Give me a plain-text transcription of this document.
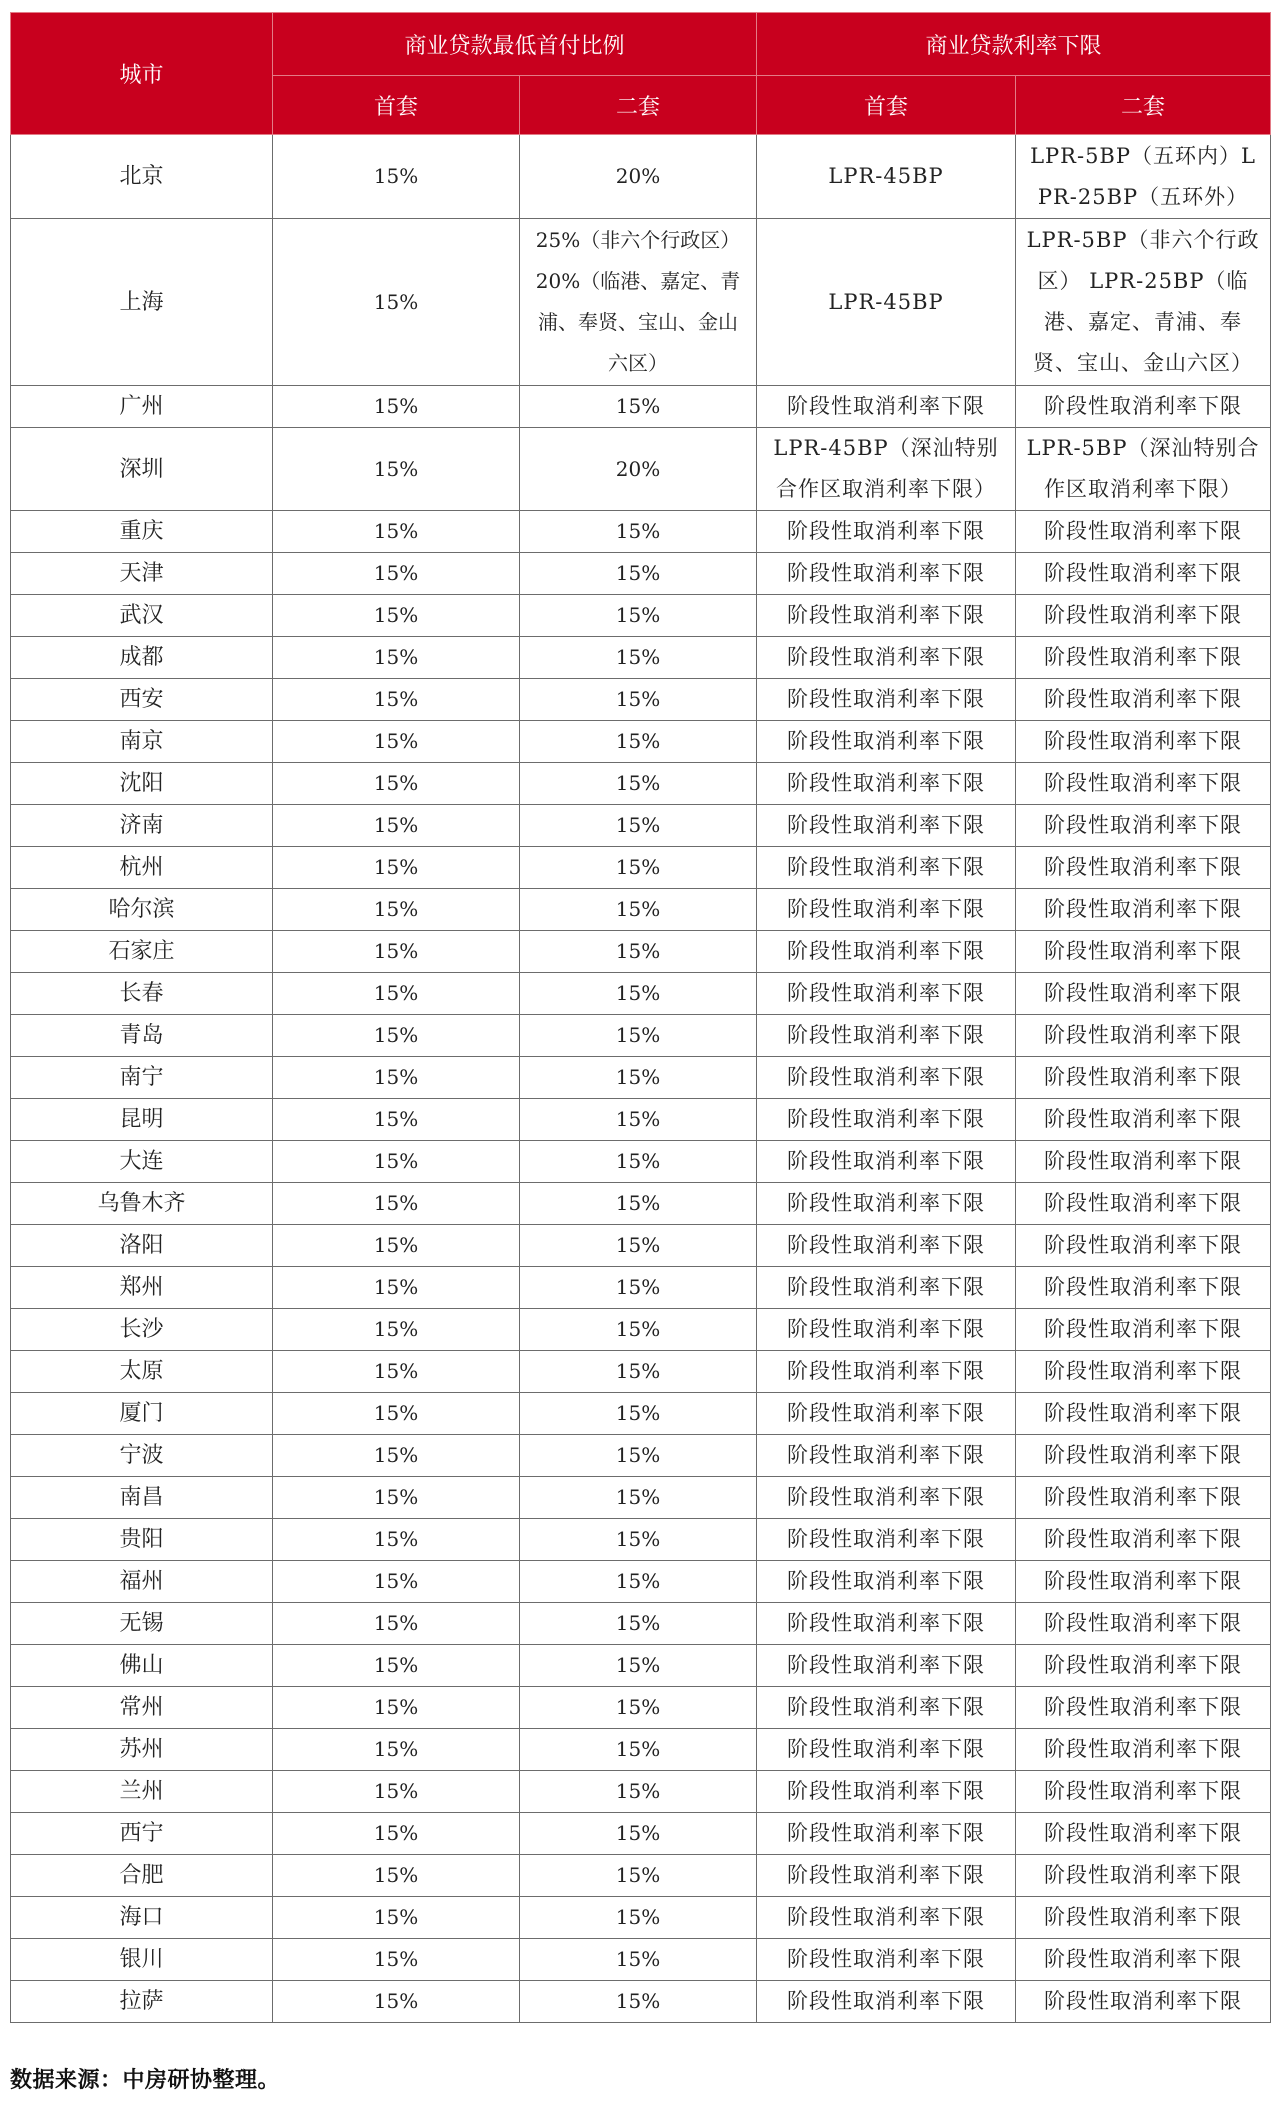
城市	商业贷款最低首付比例		商业贷款利率下限	
	首套	二套	首套	二套
北京	15%	20%	LPR-45BP	LPR-5BP（五环内）LPR-25BP（五环外）
上海	15%	25%（非六个行政区）20%（临港、嘉定、青浦、奉贤、宝山、金山六区）	LPR-45BP	LPR-5BP（非六个行政区） LPR-25BP（临港、嘉定、青浦、奉贤、宝山、金山六区）
广州	15%	15%	阶段性取消利率下限	阶段性取消利率下限
深圳	15%	20%	LPR-45BP（深汕特别合作区取消利率下限）	LPR-5BP（深汕特别合作区取消利率下限）
重庆	15%	15%	阶段性取消利率下限	阶段性取消利率下限
天津	15%	15%	阶段性取消利率下限	阶段性取消利率下限
武汉	15%	15%	阶段性取消利率下限	阶段性取消利率下限
成都	15%	15%	阶段性取消利率下限	阶段性取消利率下限
西安	15%	15%	阶段性取消利率下限	阶段性取消利率下限
南京	15%	15%	阶段性取消利率下限	阶段性取消利率下限
沈阳	15%	15%	阶段性取消利率下限	阶段性取消利率下限
济南	15%	15%	阶段性取消利率下限	阶段性取消利率下限
杭州	15%	15%	阶段性取消利率下限	阶段性取消利率下限
哈尔滨	15%	15%	阶段性取消利率下限	阶段性取消利率下限
石家庄	15%	15%	阶段性取消利率下限	阶段性取消利率下限
长春	15%	15%	阶段性取消利率下限	阶段性取消利率下限
青岛	15%	15%	阶段性取消利率下限	阶段性取消利率下限
南宁	15%	15%	阶段性取消利率下限	阶段性取消利率下限
昆明	15%	15%	阶段性取消利率下限	阶段性取消利率下限
大连	15%	15%	阶段性取消利率下限	阶段性取消利率下限
乌鲁木齐	15%	15%	阶段性取消利率下限	阶段性取消利率下限
洛阳	15%	15%	阶段性取消利率下限	阶段性取消利率下限
郑州	15%	15%	阶段性取消利率下限	阶段性取消利率下限
长沙	15%	15%	阶段性取消利率下限	阶段性取消利率下限
太原	15%	15%	阶段性取消利率下限	阶段性取消利率下限
厦门	15%	15%	阶段性取消利率下限	阶段性取消利率下限
宁波	15%	15%	阶段性取消利率下限	阶段性取消利率下限
南昌	15%	15%	阶段性取消利率下限	阶段性取消利率下限
贵阳	15%	15%	阶段性取消利率下限	阶段性取消利率下限
福州	15%	15%	阶段性取消利率下限	阶段性取消利率下限
无锡	15%	15%	阶段性取消利率下限	阶段性取消利率下限
佛山	15%	15%	阶段性取消利率下限	阶段性取消利率下限
常州	15%	15%	阶段性取消利率下限	阶段性取消利率下限
苏州	15%	15%	阶段性取消利率下限	阶段性取消利率下限
兰州	15%	15%	阶段性取消利率下限	阶段性取消利率下限
西宁	15%	15%	阶段性取消利率下限	阶段性取消利率下限
合肥	15%	15%	阶段性取消利率下限	阶段性取消利率下限
海口	15%	15%	阶段性取消利率下限	阶段性取消利率下限
银川	15%	15%	阶段性取消利率下限	阶段性取消利率下限
拉萨	15%	15%	阶段性取消利率下限	阶段性取消利率下限
数据来源：中房研协整理。
